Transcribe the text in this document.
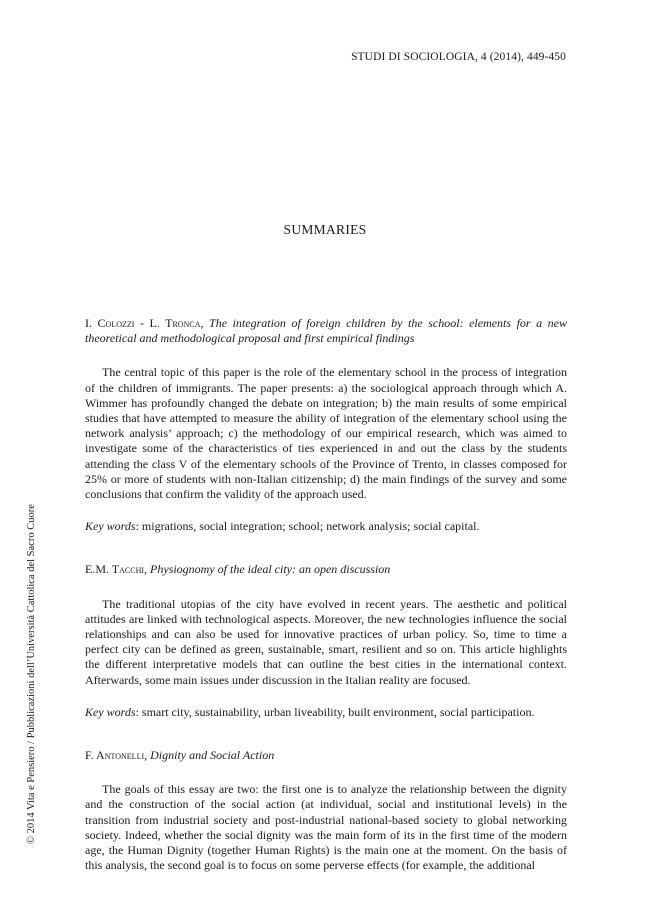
STUDI DI SOCIOLOGIA, 4 (2014), 449-450
SUMMARIES
© 2014 Vita e Pensiero / Pubblicazioni dell’Università Cattolica del Sacro Cuore

I. Colozzi - L. Tronca, The integration of foreign children by the school: elements for a new theoretical and methodological proposal and first empirical findings

The central topic of this paper is the role of the elementary school in the process of integration of the children of immigrants. The paper presents: a) the sociological approach through which A. Wimmer has profoundly changed the debate on integration; b) the main results of some empirical studies that have attempted to measure the ability of integration of the elementary school using the network analysis’ approach; c) the methodology of our empirical research, which was aimed to investigate some of the characteristics of ties experienced in and out the class by the students attending the class V of the elementary schools of the Province of Trento, in classes composed for 25% or more of students with non-Italian citizenship; d) the main findings of the survey and some conclusions that confirm the validity of the approach used.

Key words: migrations, social integration; school; network analysis; social capital.

E.M. Tacchi, Physiognomy of the ideal city: an open discussion

The traditional utopias of the city have evolved in recent years. The aesthetic and political attitudes are linked with technological aspects. Moreover, the new technologies influence the social relationships and can also be used for innovative practices of urban policy. So, time to time a perfect city can be defined as green, sustainable, smart, resilient and so on. This article highlights the different interpretative models that can outline the best cities in the international context. Afterwards, some main issues under discussion in the Italian reality are focused.

Key words: smart city, sustainability, urban liveability, built environment, social participation.

F. Antonelli, Dignity and Social Action

The goals of this essay are two: the first one is to analyze the relationship between the dignity and the construction of the social action (at individual, social and institutional levels) in the transition from industrial society and post-industrial national-based society to global networking society. Indeed, whether the social dignity was the main form of its in the first time of the modern age, the Human Dignity (together Human Rights) is the main one at the moment. On the basis of this analysis, the second goal is to focus on some perverse effects (for example, the additional
